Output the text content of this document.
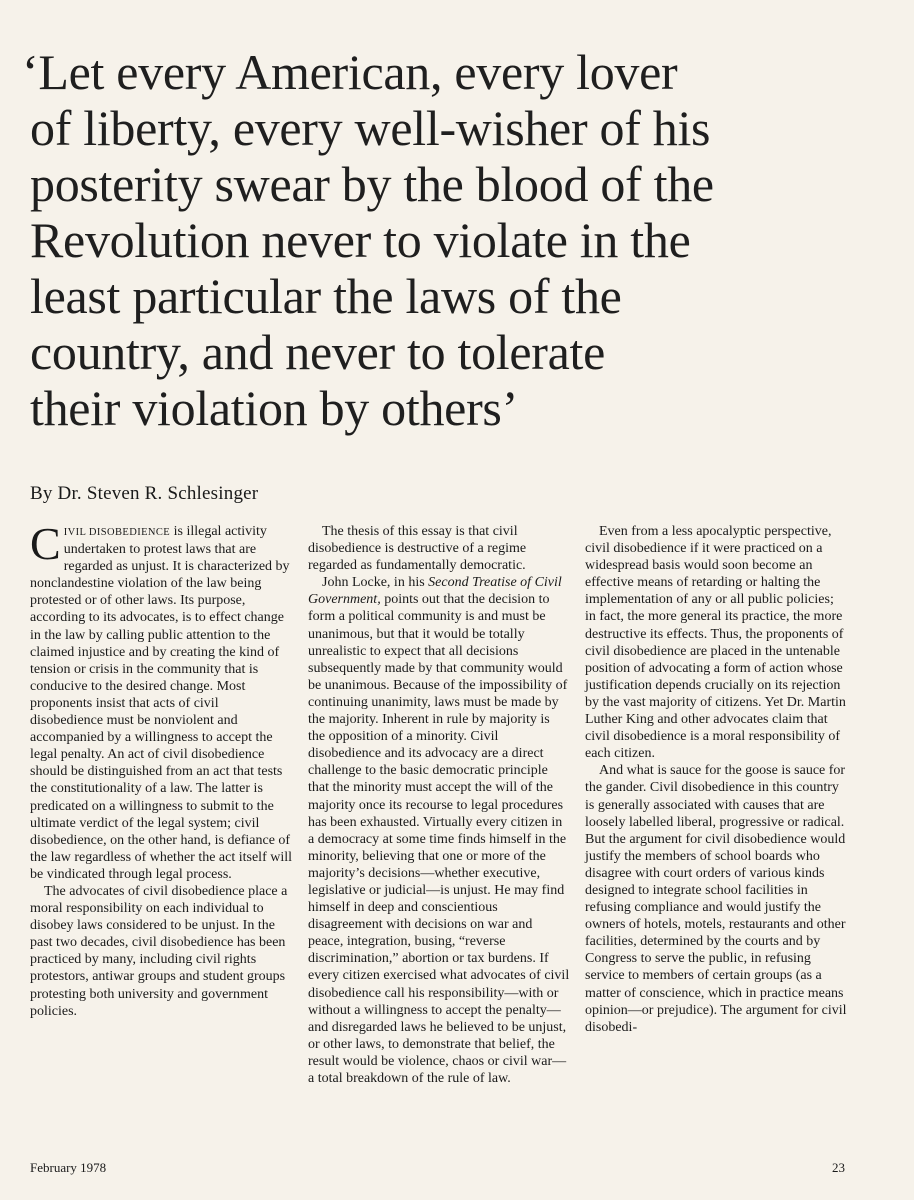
‘Let every American, every lover
of liberty, every well-wisher of his
posterity swear by the blood of the
Revolution never to violate in the
least particular the laws of the
country, and never to tolerate
their violation by others’
By Dr. Steven R. Schlesinger

CIVIL DISOBEDIENCE is illegal activity undertaken to protest laws that are regarded as unjust. It is characterized by nonclandestine violation of the law being protested or of other laws. Its purpose, according to its advocates, is to effect change in the law by calling public attention to the claimed injustice and by creating the kind of tension or crisis in the community that is conducive to the desired change. Most proponents insist that acts of civil disobedience must be nonviolent and accompanied by a willingness to accept the legal penalty. An act of civil disobedience should be distinguished from an act that tests the constitutionality of a law. The latter is predicated on a willingness to submit to the ultimate verdict of the legal system; civil disobedience, on the other hand, is defiance of the law regardless of whether the act itself will be vindicated through legal process.

The advocates of civil disobedience place a moral responsibility on each individual to disobey laws considered to be unjust. In the past two decades, civil disobedience has been practiced by many, including civil rights protestors, antiwar groups and student groups protesting both university and government policies.

The thesis of this essay is that civil disobedience is destructive of a regime regarded as fundamentally democratic.

John Locke, in his Second Treatise of Civil Government, points out that the decision to form a political community is and must be unanimous, but that it would be totally unrealistic to expect that all decisions subsequently made by that community would be unanimous. Because of the impossibility of continuing unanimity, laws must be made by the majority. Inherent in rule by majority is the opposition of a minority. Civil disobedience and its advocacy are a direct challenge to the basic democratic principle that the minority must accept the will of the majority once its recourse to legal procedures has been exhausted. Virtually every citizen in a democracy at some time finds himself in the minority, believing that one or more of the majority’s decisions—whether executive, legislative or judicial—is unjust. He may find himself in deep and conscientious disagreement with decisions on war and peace, integration, busing, “reverse discrimination,” abortion or tax burdens. If every citizen exercised what advocates of civil disobedience call his responsibility—with or without a willingness to accept the penalty—and disregarded laws he believed to be unjust, or other laws, to demonstrate that belief, the result would be violence, chaos or civil war—a total breakdown of the rule of law.

Even from a less apocalyptic perspective, civil disobedience if it were practiced on a widespread basis would soon become an effective means of retarding or halting the implementation of any or all public policies; in fact, the more general its practice, the more destructive its effects. Thus, the proponents of civil disobedience are placed in the untenable position of advocating a form of action whose justification depends crucially on its rejection by the vast majority of citizens. Yet Dr. Martin Luther King and other advocates claim that civil disobedience is a moral responsibility of each citizen.

And what is sauce for the goose is sauce for the gander. Civil disobedience in this country is generally associated with causes that are loosely labelled liberal, progressive or radical. But the argument for civil disobedience would justify the members of school boards who disagree with court orders of various kinds designed to integrate school facilities in refusing compliance and would justify the owners of hotels, motels, restaurants and other facilities, determined by the courts and by Congress to serve the public, in refusing service to members of certain groups (as a matter of conscience, which in practice means opinion—or prejudice). The argument for civil disobedi-

February 1978	23
